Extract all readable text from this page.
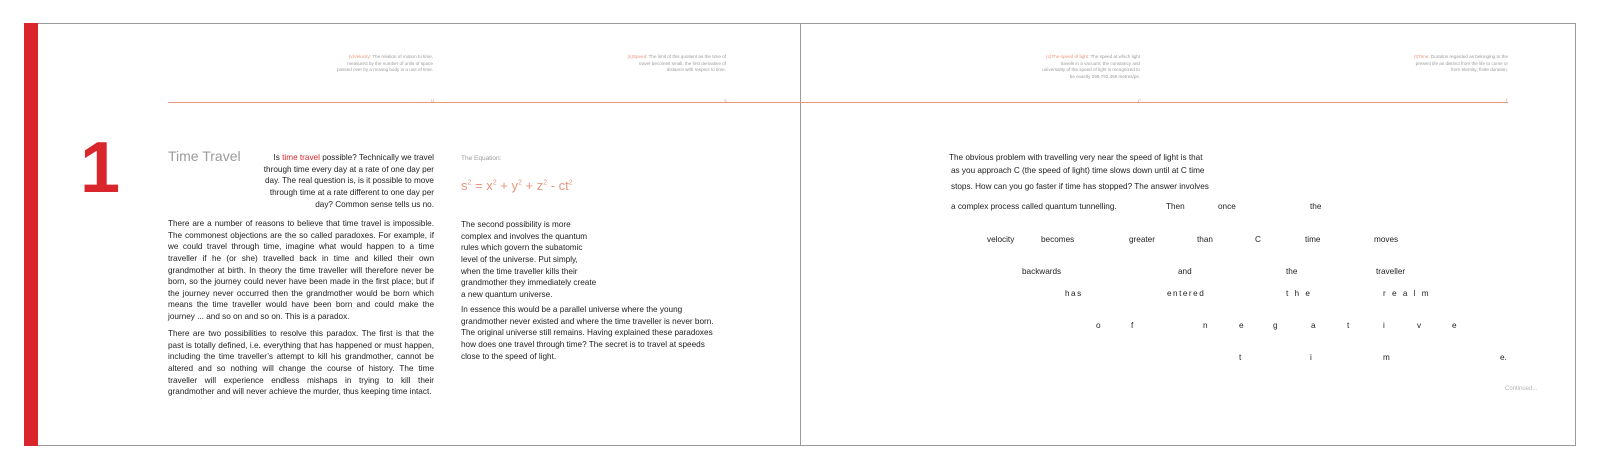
(v)Velocity: The relation of motion to time, measured by the number of units of space passed over by a moving body in a unit of time.
(s)Speed: The limit of this quotient as the time of travel becomes small, the first derivative of distance with respect to time.
(c)The speed of light: The speed at which light travels in a vacuum; the constancy and universality of the speed of light is recognized to be exactly 299,792,458 metres/ps.
(t)Time: Duration regarded as belonging to the present life as distinct from the life to come or from eternity; finite duration.
v	s	c	t
1	Time Travel	Is time travel possible? Technically we travel through time every day at a rate of one day per day. The real question is, is it possible to move through time at a rate different to one day per day? Common sense tells us no.
There are a number of reasons to believe that time travel is impossible. The commonest objections are the so called paradoxes. For example, if we could travel through time, imagine what would happen to a time traveller if he (or she) travelled back in time and killed their own grandmother at birth. In theory the time traveller will therefore never be born, so the journey could never have been made in the first place; but if the journey never occurred then the grandmother would be born which means the time traveller would have been born and could make the journey ... and so on and so on. This is a paradox.
There are two possibilities to resolve this paradox. The first is that the past is totally defined, i.e. everything that has happened or must happen, including the time traveller’s attempt to kill his grandmother, cannot be altered and so nothing will change the course of history. The time traveller will experience endless mishaps in trying to kill their grandmother and will never achieve the murder, thus keeping time intact.
The Equation:
$s^2 = x^2 + y^2 + z^2 - ct^2$
The second possibility is more
complex and involves the quantum
rules which govern the subatomic
level of the universe. Put simply,
when the time traveller kills their
grandmother they immediately create
a new quantum universe.
In essence this would be a parallel universe where the young
grandmother never existed and where the time traveller is never born.
The original universe still remains. Having explained these paradoxes
how does one travel through time? The secret is to travel at speeds
close to the speed of light.
The obvious problem with travelling very near the speed of light is that
as you approach C (the speed of light) time slows down until at C time
stops. How can you go faster if time has stopped? The answer involves
a complex process called quantum tunnelling.	Then	once	the
velocity	becomes	greater	than	C	time	moves
backwards	and	the	traveller
has	entered	t h e	r e a l m
o	f	n	e	g	a	t	i	v	e
t	i	m	e.
Continued...
